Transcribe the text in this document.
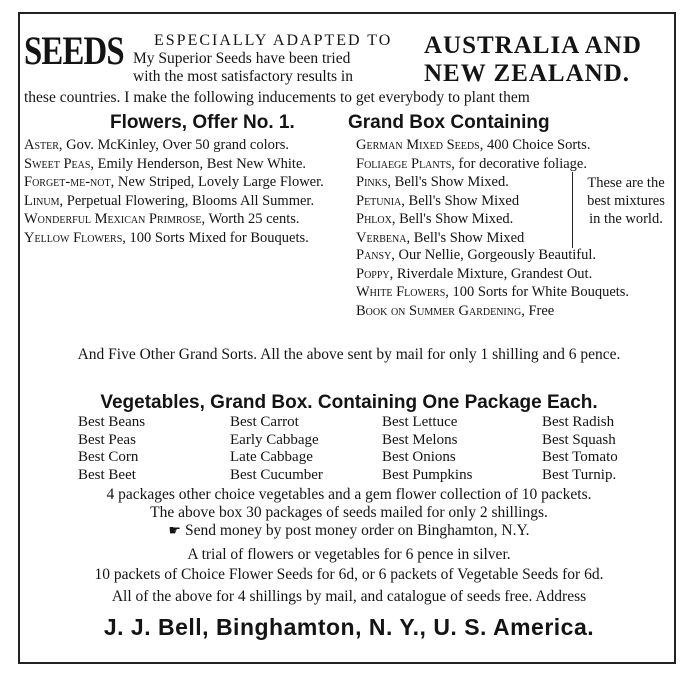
SEEDS ESPECIALLY ADAPTED TO
My Superior Seeds have been tried
with the most satisfactory results in
AUSTRALIA AND
NEW ZEALAND.
these countries. I make the following inducements to get everybody to plant them
Flowers, Offer No. 1.	Grand Box Containing
Aster, Gov. McKinley, Over 50 grand colors.
Sweet Peas, Emily Henderson, Best New White.
Forget-me-not, New Striped, Lovely Large Flower.
Linum, Perpetual Flowering, Blooms All Summer.
Wonderful Mexican Primrose, Worth 25 cents.
Yellow Flowers, 100 Sorts Mixed for Bouquets.
German Mixed Seeds, 400 Choice Sorts.
Foliaege Plants, for decorative foliage.
Pinks, Bell's Show Mixed.
Petunia, Bell's Show Mixed
Phlox, Bell's Show Mixed.
Verbena, Bell's Show Mixed
These are the best mixtures in the world.
Pansy, Our Nellie, Gorgeously Beautiful.
Poppy, Riverdale Mixture, Grandest Out.
White Flowers, 100 Sorts for White Bouquets.
Book on Summer Gardening, Free
And Five Other Grand Sorts. All the above sent by mail for only 1 shilling and 6 pence.
Vegetables, Grand Box. Containing One Package Each.
Best Beans	Best Carrot	Best Lettuce	Best Radish
Best Peas	Early Cabbage	Best Melons	Best Squash
Best Corn	Late Cabbage	Best Onions	Best Tomato
Best Beet	Best Cucumber	Best Pumpkins	Best Turnip.
4 packages other choice vegetables and a gem flower collection of 10 packets.
The above box 30 packages of seeds mailed for only 2 shillings.
☛ Send money by post money order on Binghamton, N.Y.
A trial of flowers or vegetables for 6 pence in silver.
10 packets of Choice Flower Seeds for 6d, or 6 packets of Vegetable Seeds for 6d.
All of the above for 4 shillings by mail, and catalogue of seeds free. Address
J. J. Bell, Binghamton, N. Y., U. S. America.
